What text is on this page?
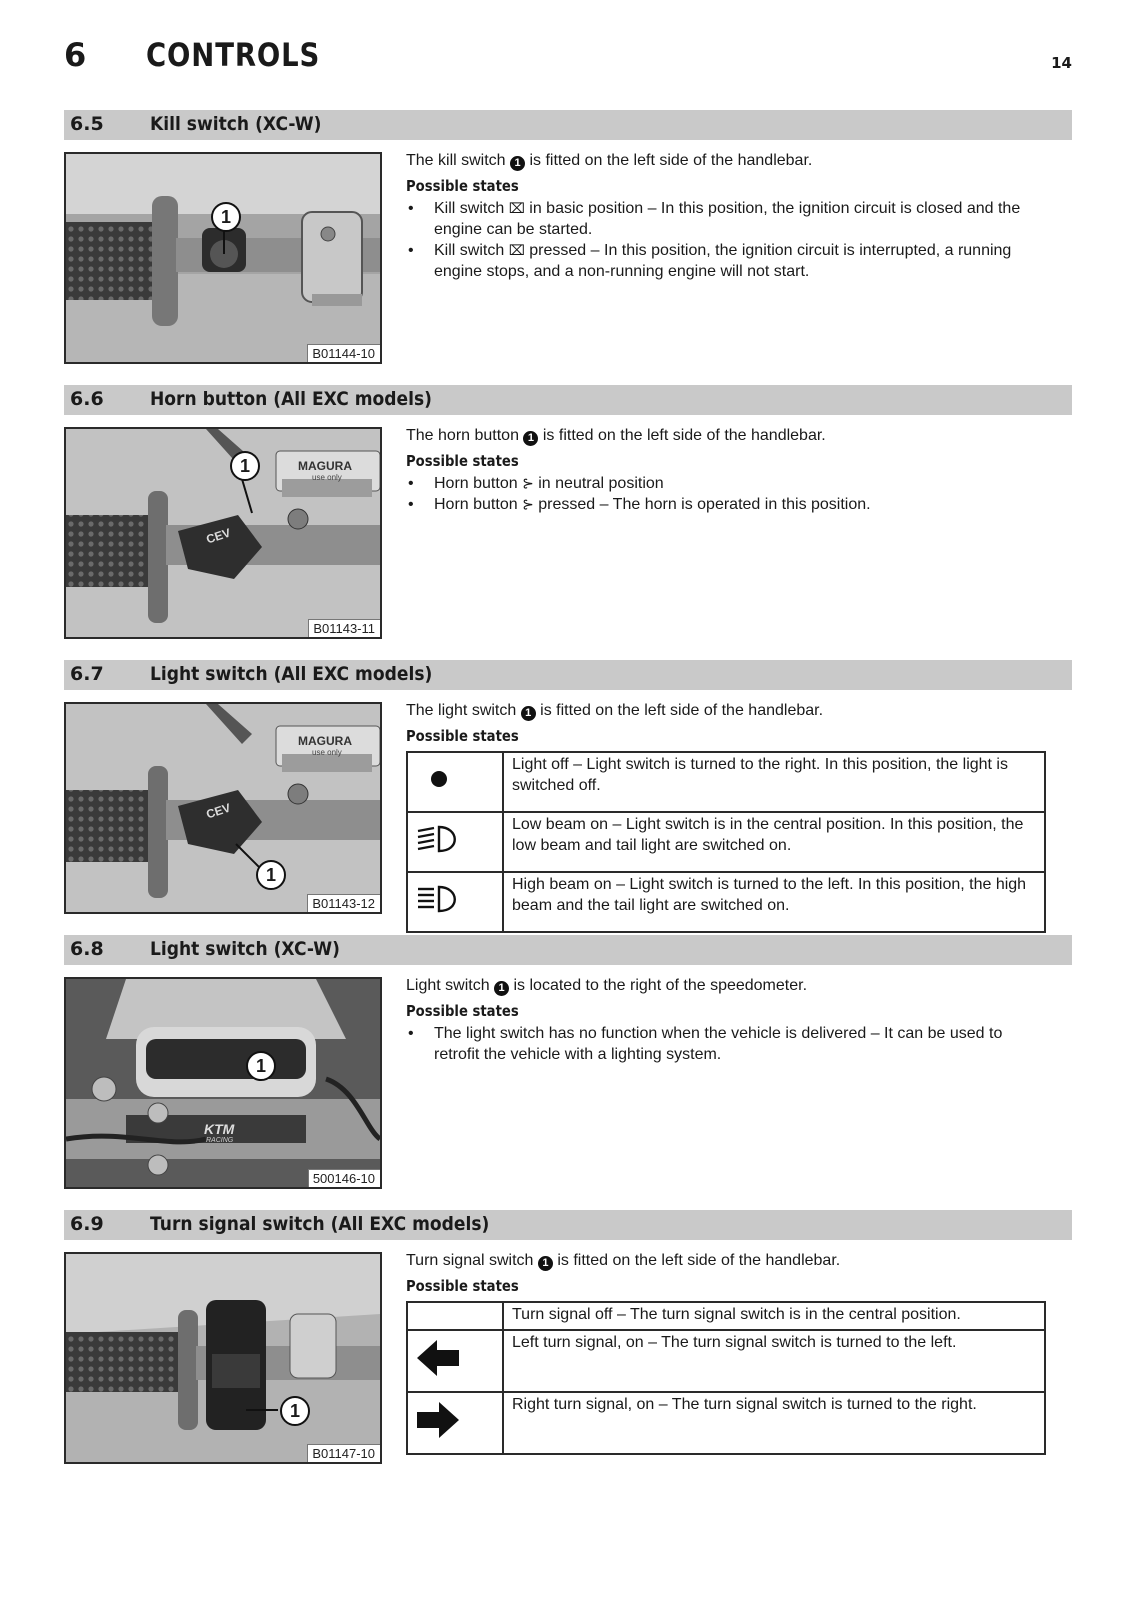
6 CONTROLS	14
6.5 Kill switch (XC-W)
1
B01144-10

The kill switch 1 is fitted on the left side of the handlebar.

Possible states

• Kill switch ⌧ in basic position – In this position, the ignition circuit is closed and the engine can be started.
• Kill switch ⌧ pressed – In this position, the ignition circuit is interrupted, a running engine stops, and a non-running engine will not start.
6.6 Horn button (All EXC models)
MAGURA
use only
CEV
1
B01143-11

The horn button 1 is fitted on the left side of the handlebar.

Possible states

• Horn button ⊱ in neutral position
• Horn button ⊱ pressed – The horn is operated in this position.
6.7 Light switch (All EXC models)
MAGURA
use only
CEV
1
B01143-12

The light switch 1 is fitted on the left side of the handlebar.

Possible states

	Light off – Light switch is turned to the right. In this position, the light is switched off.
	Low beam on – Light switch is in the central position. In this position, the low beam and tail light are switched on.
	High beam on – Light switch is turned to the left. In this position, the high beam and the tail light are switched on.
6.8 Light switch (XC-W)
KTM
RACING
1
500146-10

Light switch 1 is located to the right of the speedometer.

Possible states

• The light switch has no function when the vehicle is delivered – It can be used to retrofit the vehicle with a lighting system.
6.9 Turn signal switch (All EXC models)
1
B01147-10

Turn signal switch 1 is fitted on the left side of the handlebar.

Possible states

	Turn signal off – The turn signal switch is in the central position.
	Left turn signal, on – The turn signal switch is turned to the left.
	Right turn signal, on – The turn signal switch is turned to the right.
